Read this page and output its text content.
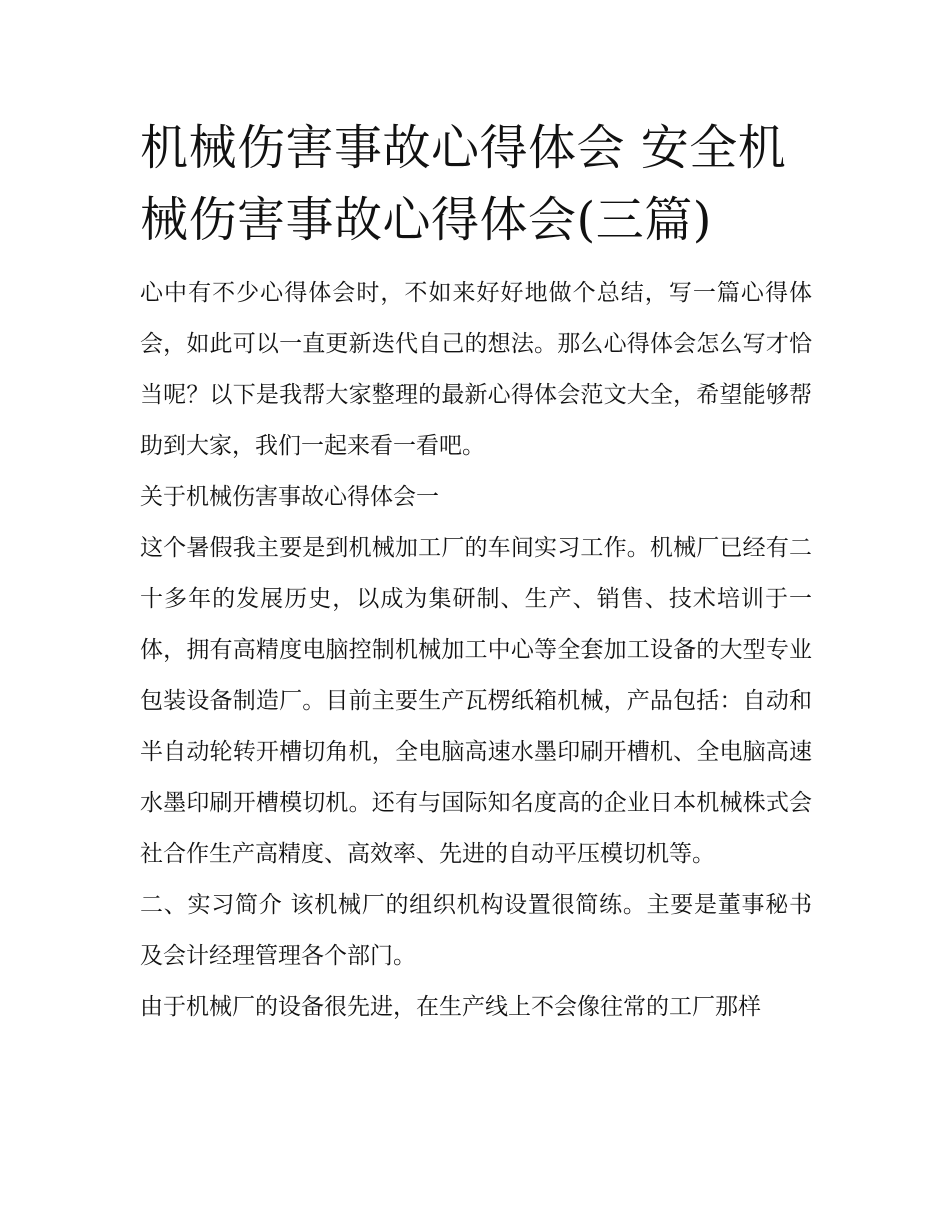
机械伤害事故心得体会 安全机械伤害事故心得体会(三篇)

心中有不少心得体会时，不如来好好地做个总结，写一篇心得体会，如此可以一直更新迭代自己的想法。那么心得体会怎么写才恰当呢？以下是我帮大家整理的最新心得体会范文大全，希望能够帮助到大家，我们一起来看一看吧。

关于机械伤害事故心得体会一

这个暑假我主要是到机械加工厂的车间实习工作。机械厂已经有二十多年的发展历史，以成为集研制、生产、销售、技术培训于一体，拥有高精度电脑控制机械加工中心等全套加工设备的大型专业包装设备制造厂。目前主要生产瓦楞纸箱机械，产品包括：自动和半自动轮转开槽切角机，全电脑高速水墨印刷开槽机、全电脑高速水墨印刷开槽模切机。还有与国际知名度高的企业日本机械株式会社合作生产高精度、高效率、先进的自动平压模切机等。

二、实习简介 该机械厂的组织机构设置很简练。主要是董事秘书及会计经理管理各个部门。

由于机械厂的设备很先进，在生产线上不会像往常的工厂那样
